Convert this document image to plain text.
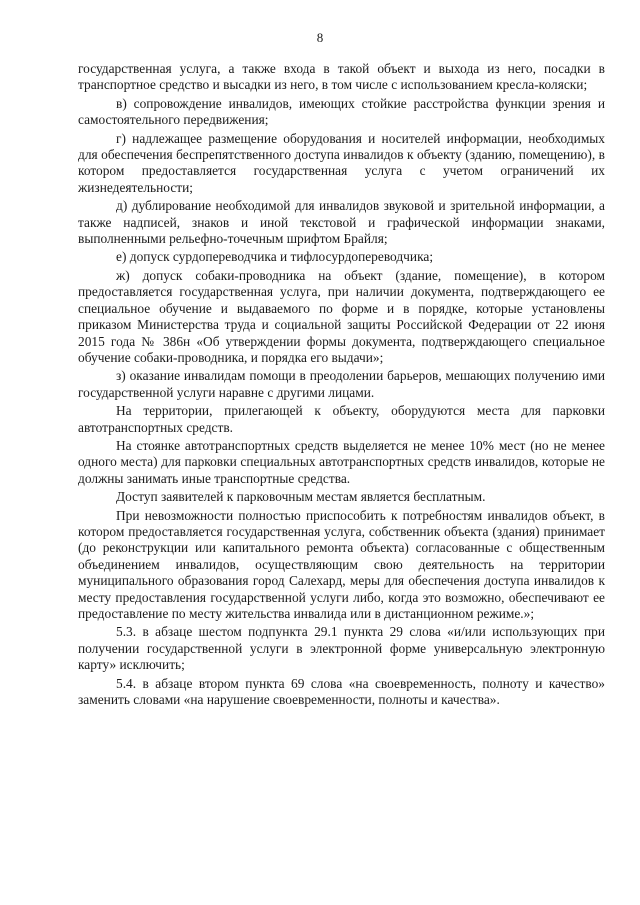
8

государственная услуга, а также входа в такой объект и выхода из него, посадки в транспортное средство и высадки из него, в том числе с использованием кресла-коляски;

в) сопровождение инвалидов, имеющих стойкие расстройства функции зрения и самостоятельного передвижения;

г) надлежащее размещение оборудования и носителей информации, необходимых для обеспечения беспрепятственного доступа инвалидов к объекту (зданию, помещению), в котором предоставляется государственная услуга с учетом ограничений их жизнедеятельности;

д) дублирование необходимой для инвалидов звуковой и зрительной информации, а также надписей, знаков и иной текстовой и графической информации знаками, выполненными рельефно-точечным шрифтом Брайля;

е) допуск сурдопереводчика и тифлосурдопереводчика;

ж) допуск собаки-проводника на объект (здание, помещение), в котором предоставляется государственная услуга, при наличии документа, подтверждающего ее специальное обучение и выдаваемого по форме и в порядке, которые установлены приказом Министерства труда и социальной защиты Российской Федерации от 22 июня 2015 года № 386н «Об утверждении формы документа, подтверждающего специальное обучение собаки-проводника, и порядка его выдачи»;

з) оказание инвалидам помощи в преодолении барьеров, мешающих получению ими государственной услуги наравне с другими лицами.

На территории, прилегающей к объекту, оборудуются места для парковки автотранспортных средств.

На стоянке автотранспортных средств выделяется не менее 10% мест (но не менее одного места) для парковки специальных автотранспортных средств инвалидов, которые не должны занимать иные транспортные средства.

Доступ заявителей к парковочным местам является бесплатным.

При невозможности полностью приспособить к потребностям инвалидов объект, в котором предоставляется государственная услуга, собственник объекта (здания) принимает (до реконструкции или капитального ремонта объекта) согласованные с общественным объединением инвалидов, осуществляющим свою деятельность на территории муниципального образования город Салехард, меры для обеспечения доступа инвалидов к месту предоставления государственной услуги либо, когда это возможно, обеспечивают ее предоставление по месту жительства инвалида или в дистанционном режиме.»;

5.3. в абзаце шестом подпункта 29.1 пункта 29 слова «и/или использующих при получении государственной услуги в электронной форме универсальную электронную карту» исключить;

5.4. в абзаце втором пункта 69 слова «на своевременность, полноту и качество» заменить словами «на нарушение своевременности, полноты и качества».
